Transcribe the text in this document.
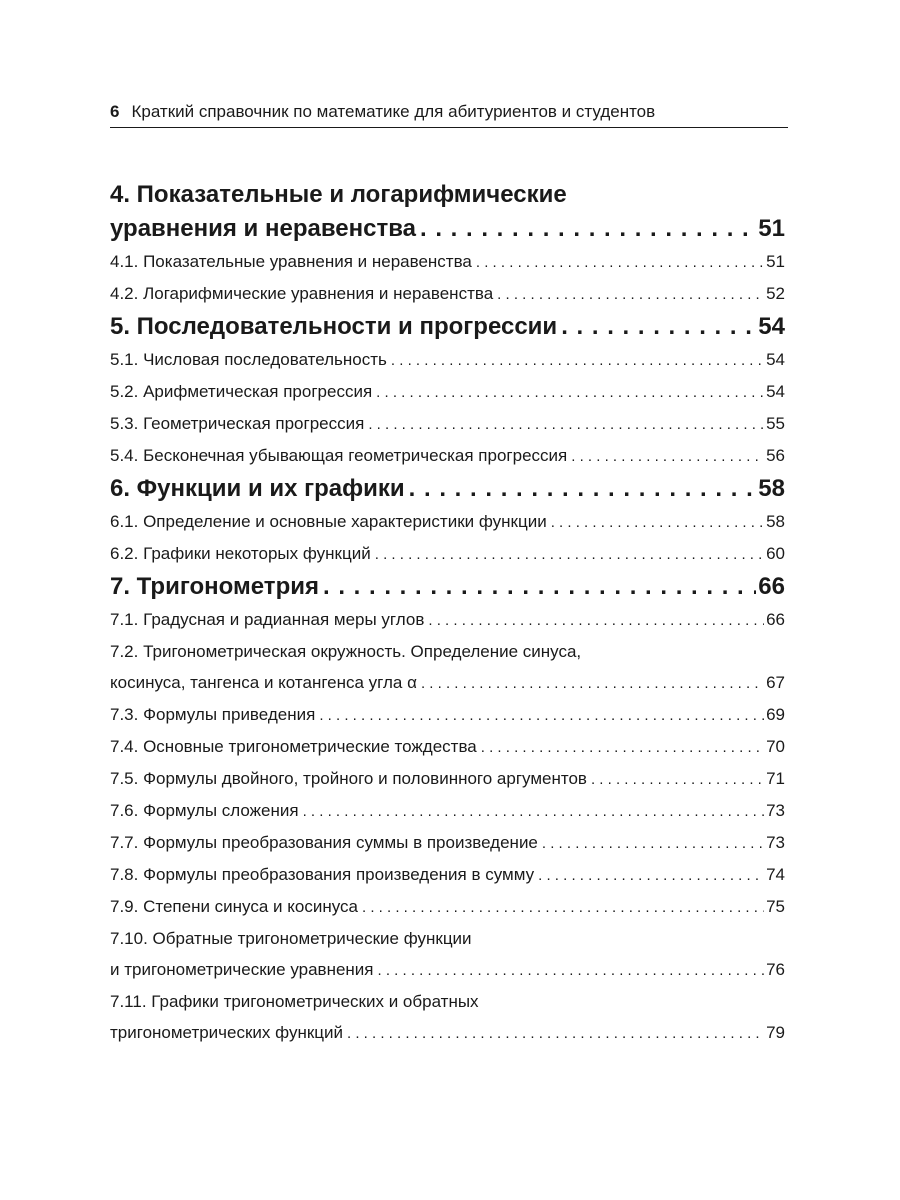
6 Краткий справочник по математике для абитуриентов и студентов
4. Показательные и логарифмические
уравнения и неравенства . . .	51
4.1. Показательные уравнения и неравенства . . .	51
4.2. Логарифмические уравнения и неравенства . . .	52
5. Последовательности и прогрессии . . .	54
5.1. Числовая последовательность . . .	54
5.2. Арифметическая прогрессия . . .	54
5.3. Геометрическая прогрессия . . .	55
5.4. Бесконечная убывающая геометрическая прогрессия . . .	56
6. Функции и их графики . . .	58
6.1. Определение и основные характеристики функции . . .	58
6.2. Графики некоторых функций . . .	60
7. Тригонометрия . . .	66
7.1. Градусная и радианная меры углов . . .	66
7.2. Тригонометрическая окружность. Определение синуса,
косинуса, тангенса и котангенса угла α . . .	67
7.3. Формулы приведения . . .	69
7.4. Основные тригонометрические тождества . . .	70
7.5. Формулы двойного, тройного и половинного аргументов . . .	71
7.6. Формулы сложения . . .	73
7.7. Формулы преобразования суммы в произведение . . .	73
7.8. Формулы преобразования произведения в сумму . . .	74
7.9. Степени синуса и косинуса . . .	75
7.10. Обратные тригонометрические функции
и тригонометрические уравнения . . .	76
7.11. Графики тригонометрических и обратных
тригонометрических функций . . .	79
